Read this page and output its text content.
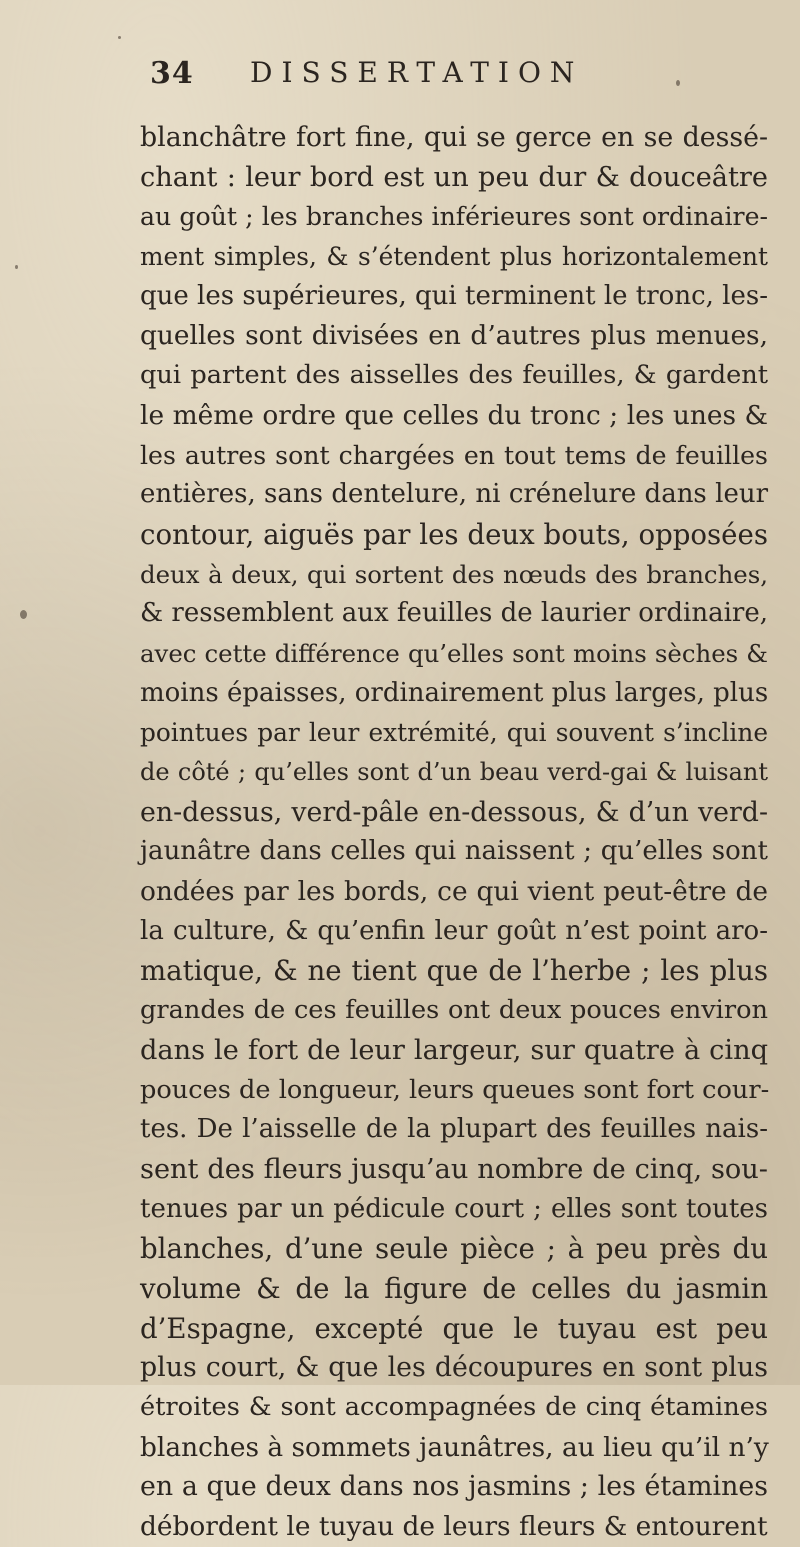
34 DISSERTATION
blanchâtre fort fine, qui se gerce en se dessé-
chant : leur bord est un peu dur & douceâtre
au goût ; les branches inférieures sont ordinaire-
ment simples, & s’étendent plus horizontalement
que les supérieures, qui terminent le tronc, les-
quelles sont divisées en d’autres plus menues,
qui partent des aisselles des feuilles, & gardent
le même ordre que celles du tronc ; les unes &
les autres sont chargées en tout tems de feuilles
entières, sans dentelure, ni crénelure dans leur
contour, aiguës par les deux bouts, opposées
deux à deux, qui sortent des nœuds des branches,
& ressemblent aux feuilles de laurier ordinaire,
avec cette différence qu’elles sont moins sèches &
moins épaisses, ordinairement plus larges, plus
pointues par leur extrémité, qui souvent s’incline
de côté ; qu’elles sont d’un beau verd-gai & luisant
en-dessus, verd-pâle en-dessous, & d’un verd-
jaunâtre dans celles qui naissent ; qu’elles sont
ondées par les bords, ce qui vient peut-être de
la culture, & qu’enfin leur goût n’est point aro-
matique, & ne tient que de l’herbe ; les plus
grandes de ces feuilles ont deux pouces environ
dans le fort de leur largeur, sur quatre à cinq
pouces de longueur, leurs queues sont fort cour-
tes. De l’aisselle de la plupart des feuilles nais-
sent des fleurs jusqu’au nombre de cinq, sou-
tenues par un pédicule court ; elles sont toutes
blanches, d’une seule pièce ; à peu près du
volume & de la figure de celles du jasmin
d’Espagne, excepté que le tuyau est peu
plus court, & que les découpures en sont plus
étroites & sont accompagnées de cinq étamines
blanches à sommets jaunâtres, au lieu qu’il n’y
en a que deux dans nos jasmins ; les étamines
débordent le tuyau de leurs fleurs & entourent
